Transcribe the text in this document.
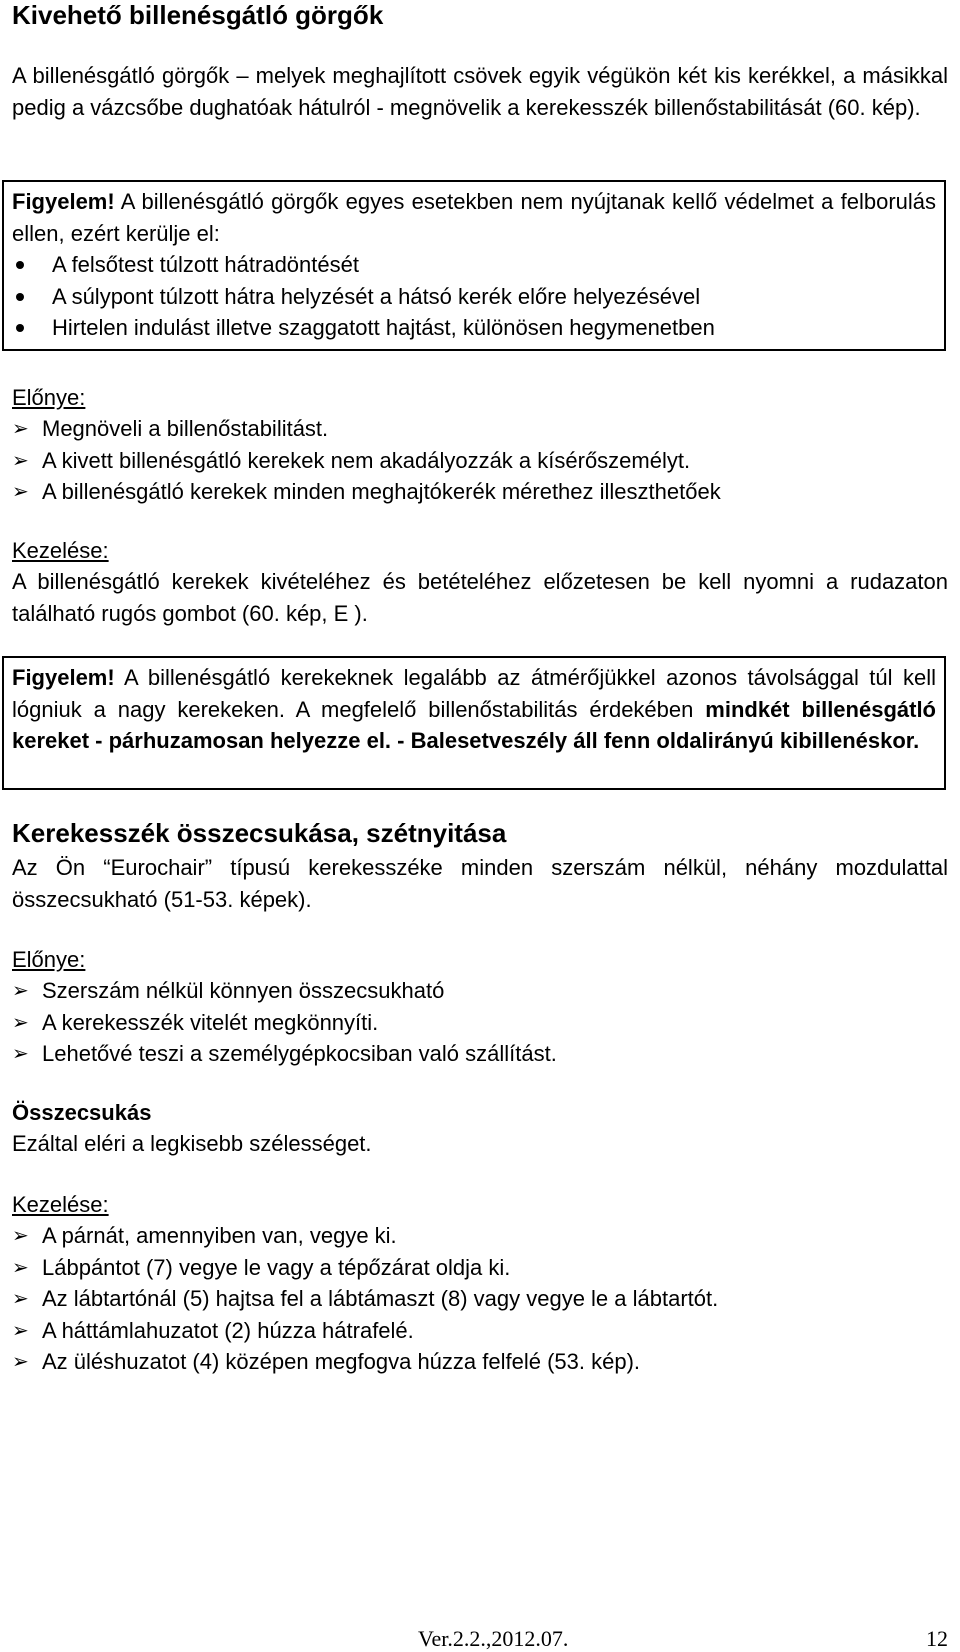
Kivehető billenésgátló görgők
A billenésgátló görgők – melyek meghajlított csövek egyik végükön két kis kerékkel, a másikkal pedig a vázcsőbe dughatóak hátulról - megnövelik a kerekesszék billenőstabilitását (60. kép).
Figyelem! A billenésgátló görgők egyes esetekben nem nyújtanak kellő védelmet a felborulás ellen, ezért kerülje el:
A felsőtest túlzott hátradöntését
A súlypont túlzott hátra helyzését a hátsó kerék előre helyezésével
Hirtelen indulást illetve szaggatott hajtást, különösen hegymenetben
Előnye:
➢ Megnöveli a billenőstabilitást.
➢ A kivett billenésgátló kerekek nem akadályozzák a kísérőszemélyt.
➢ A billenésgátló kerekek minden meghajtókerék mérethez illeszthetőek
Kezelése:
A billenésgátló kerekek kivételéhez és betételéhez előzetesen be kell nyomni a rudazaton található rugós gombot (60. kép, E ).
Figyelem! A billenésgátló kerekeknek legalább az átmérőjükkel azonos távolsággal túl kell lógniuk a nagy kerekeken. A megfelelő billenőstabilitás érdekében mindkét billenésgátló kereket - párhuzamosan helyezze el. - Balesetveszély áll fenn oldalirányú kibillenéskor.
Kerekesszék összecsukása, szétnyitása
Az Ön “Eurochair” típusú kerekesszéke minden szerszám nélkül, néhány mozdulattal összecsukható (51-53. képek).
Előnye:
➢ Szerszám nélkül könnyen összecsukható
➢ A kerekesszék vitelét megkönnyíti.
➢ Lehetővé teszi a személygépkocsiban való szállítást.
Összecsukás
Ezáltal eléri a legkisebb szélességet.
Kezelése:
➢ A párnát, amennyiben van, vegye ki.
➢ Lábpántot (7) vegye le vagy a tépőzárat oldja ki.
➢ Az lábtartónál (5) hajtsa fel a lábtámaszt (8) vagy vegye le a lábtartót.
➢ A háttámlahuzatot (2) húzza hátrafelé.
➢ Az üléshuzatot (4) középen megfogva húzza felfelé (53. kép).
Ver.2.2.,2012.07.	12
